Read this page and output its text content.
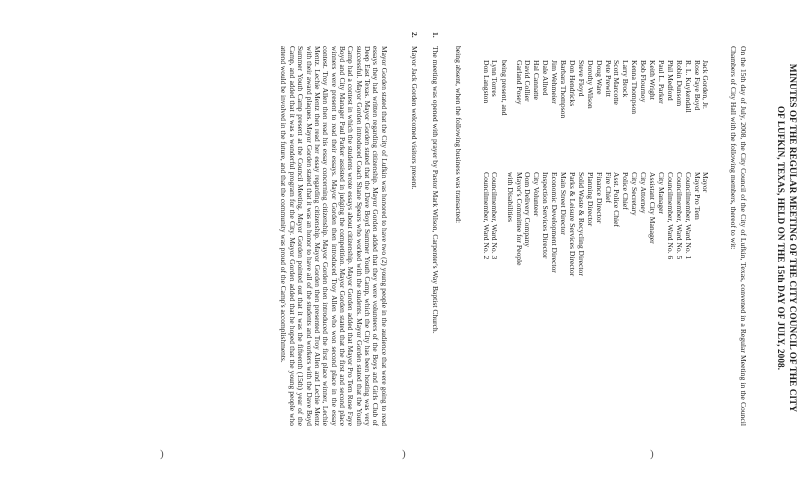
MINUTES OF THE REGULAR MEETING OF THE CITY COUNCIL OF THE CITY

OF LUFKIN, TEXAS, HELD ON THE 15th DAY OF JULY, 2008.

On the 15th day of July, 2008, the City Council of the City of Lufkin, Texas, convened in a Regular Meeting in the Council Chambers of City Hall with the following members, thereof to wit:

Jack Gorden, Jr.
Mayor
Rose Faye Boyd
Mayor Pro Tem
R. L. Kuykendall
Councilmember, Ward No. 1
Robin Dunsom
Councilmember, Ward No. 5
Phil Medford
Councilmember, Ward No. 6
Paul L. Parker
City Manager
Keith Wright
Assistant City Manager
Bob Flournoy
City Attorney
Kenna Thompson
City Secretary
Larry Brock
Police Chief
Scott Marcotte
Asst. Police Chief
Pete Prewitt
Fire Chief
Doug Ware
Finance Director
Dorothy Wilson
Planning Director
Steve Floyd
Solid Waste & Recycling Director
Don Hendricks
Parks & Leisure Services Director
Barbara Thompson
Main Street Director
Jim Wehmeier
Economic Development Director
Dale Allred
Inspection Services Director
Hal Cannatte
City Volunteer
David Collier
Oom Delivery Company
Garland Posey
Mayor's Committee for People
with Disabilities
being present, and
Lynn Torres
Councilmember, Ward No. 3
Don Langston
Councilmember, Ward No. 2
being absent, when the following business was transacted:
1.
The meeting was opened with prayer by Pastor Mark Wilson, Carpenter's Way Baptist Church.
2.
Mayor Jack Gorden welcomed visitors present.

Mayor Gorden stated that the City of Lufkin was honored to have two (2) young people in the audience that were going to read essays they had written regarding citizenship. Mayor Gorden added that they were volunteers of the Boys and Girls Club of Deep East Texas. Mayor Gorden stated that the Dave Boyd Summer Youth Camp, which the City has been hosting was very successful. Mayor Gorden introduced Coach Shane Spears who worked with the students. Mayor Gorden stated that the Youth Camp had a contest in which the students wrote essays about citizenship. Mayor Gorden added that Mayor Pro Tem Rose Faye Boyd and City Manager Paul Parker assisted in judging the competition. Mayor Gorden stated that the first and second place winners were present to read their essays. Mayor Gorden then introduced Troy Allen who won second place in the essay contest. Troy Allen then read his essay concerning citizenship. Mayor Gorden then introduced the first place winner, Lechie Mentz. Lechie Mentz then read her essay regarding citizenship. Mayor Gorden then presented Troy Allen and Lechie Mentz with their award plaques. Mayor Gorden stated that it was an honor to have all of the students and workers with the Dave Boyd Summer Youth Camp present at the Council Meeting. Mayor Gorden pointed out that it was the fifteenth (15th) year of the Camp, and added that it was a wonderful program for the City. Mayor Gorden added that he hoped that the young people who attend would be involved in the future, and that the community was proud of the Camp's accomplishments.

)	)	)
